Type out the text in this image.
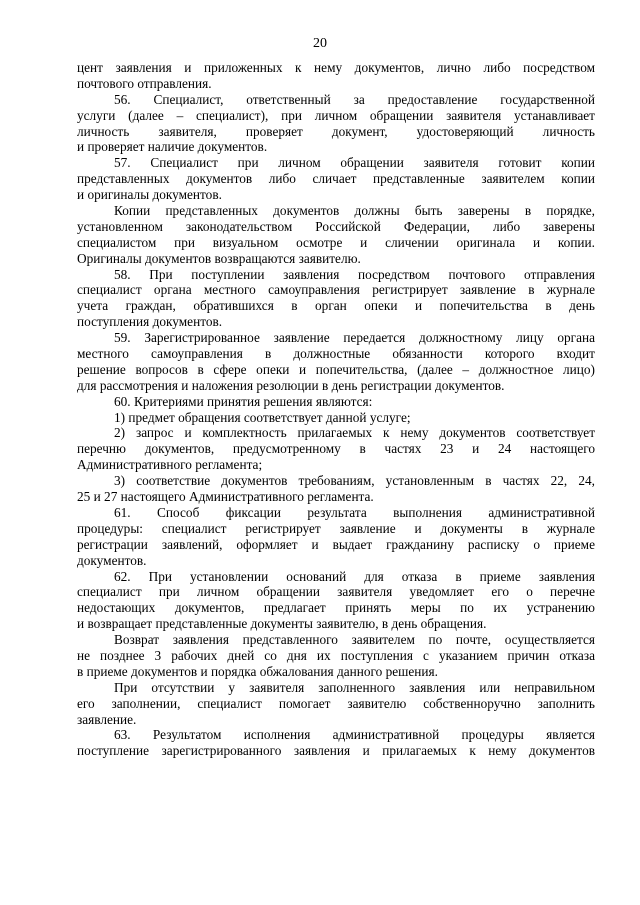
20
цент заявления и приложенных к нему документов, лично либо посредством
почтового отправления.
56. Специалист, ответственный за предоставление государственной
услуги (далее – специалист), при личном обращении заявителя устанавливает
личность заявителя, проверяет документ, удостоверяющий личность
и проверяет наличие документов.
57. Специалист при личном обращении заявителя готовит копии
представленных документов либо сличает представленные заявителем копии
и оригиналы документов.
Копии представленных документов должны быть заверены в порядке,
установленном законодательством Российской Федерации, либо заверены
специалистом при визуальном осмотре и сличении оригинала и копии.
Оригиналы документов возвращаются заявителю.
58. При поступлении заявления посредством почтового отправления
специалист органа местного самоуправления регистрирует заявление в журнале
учета граждан, обратившихся в орган опеки и попечительства в день
поступления документов.
59. Зарегистрированное заявление передается должностному лицу органа
местного самоуправления в должностные обязанности которого входит
решение вопросов в сфере опеки и попечительства, (далее – должностное лицо)
для рассмотрения и наложения резолюции в день регистрации документов.
60. Критериями принятия решения являются:
1) предмет обращения соответствует данной услуге;
2) запрос и комплектность прилагаемых к нему документов соответствует
перечню документов, предусмотренному в частях 23 и 24 настоящего
Административного регламента;
3) соответствие документов требованиям, установленным в частях 22, 24,
25 и 27 настоящего Административного регламента.
61. Способ фиксации результата выполнения административной
процедуры: специалист регистрирует заявление и документы в журнале
регистрации заявлений, оформляет и выдает гражданину расписку о приеме
документов.
62. При установлении оснований для отказа в приеме заявления
специалист при личном обращении заявителя уведомляет его о перечне
недостающих документов, предлагает принять меры по их устранению
и возвращает представленные документы заявителю, в день обращения.
Возврат заявления представленного заявителем по почте, осуществляется
не позднее 3 рабочих дней со дня их поступления с указанием причин отказа
в приеме документов и порядка обжалования данного решения.
При отсутствии у заявителя заполненного заявления или неправильном
его заполнении, специалист помогает заявителю собственноручно заполнить
заявление.
63. Результатом исполнения административной процедуры является
поступление зарегистрированного заявления и прилагаемых к нему документов
